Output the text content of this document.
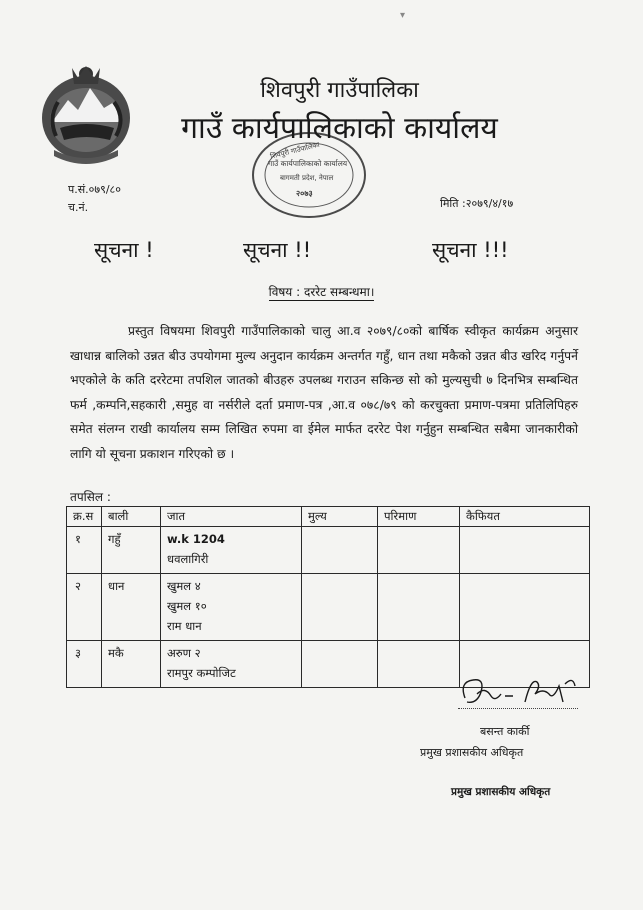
▾
शिवपुरी गाउँपालिका
गाउँ कार्यपालिकाको कार्यालय
बागमती प्रदेश, नेपाल
२०७३
शिवपुरी गाउँपालिका
गाउँ कार्यपालिकाको कार्यालय
प.सं.०७९/८०
च.नं.	मिति :२०७९/४/१७
सूचना !	सूचना !!	सूचना !!!
विषय : दररेट सम्बन्धमा।

प्रस्तुत विषयमा शिवपुरी गाउँपालिकाको चालु आ.व २०७९/८०को बार्षिक स्वीकृत कार्यक्रम अनुसार खाधान्न बालिको उन्नत बीउ उपयोगमा मुल्य अनुदान कार्यक्रम अन्तर्गत गहुँ, धान तथा मकैको उन्नत बीउ खरिद गर्नुपर्ने भएकोले के कति दररेटमा तपशिल जातको बीउहरु उपलब्ध गराउन सकिन्छ सो को मुल्यसुची ७ दिनभित्र सम्बन्धित फर्म ,कम्पनि,सहकारी ,समुह वा नर्सरीले दर्ता प्रमाण-पत्र ,आ.व ०७८/७९ को करचुक्ता प्रमाण-पत्रमा प्रतिलिपिहरु समेत संलग्न राखी कार्यालय सम्म लिखित रुपमा वा ईमेल मार्फत दररेट पेश गर्नुहुन सम्बन्धित सबैमा जानकारीको लागि यो सूचना प्रकाशन गरिएको छ ।

तपसिल :
क्र.स	बाली	जात	मुल्य	परिमाण	कैफियत
१	गहुँ	w.k 1204
धवलागिरी			

२	धान	खुमल ४
खुमल १०
राम धान			

३	मकै	अरुण २
रामपुर कम्पोजिट			

बसन्त कार्की
प्रमुख प्रशासकीय अधिकृत
प्रमुख प्रशासकीय अधिकृत
